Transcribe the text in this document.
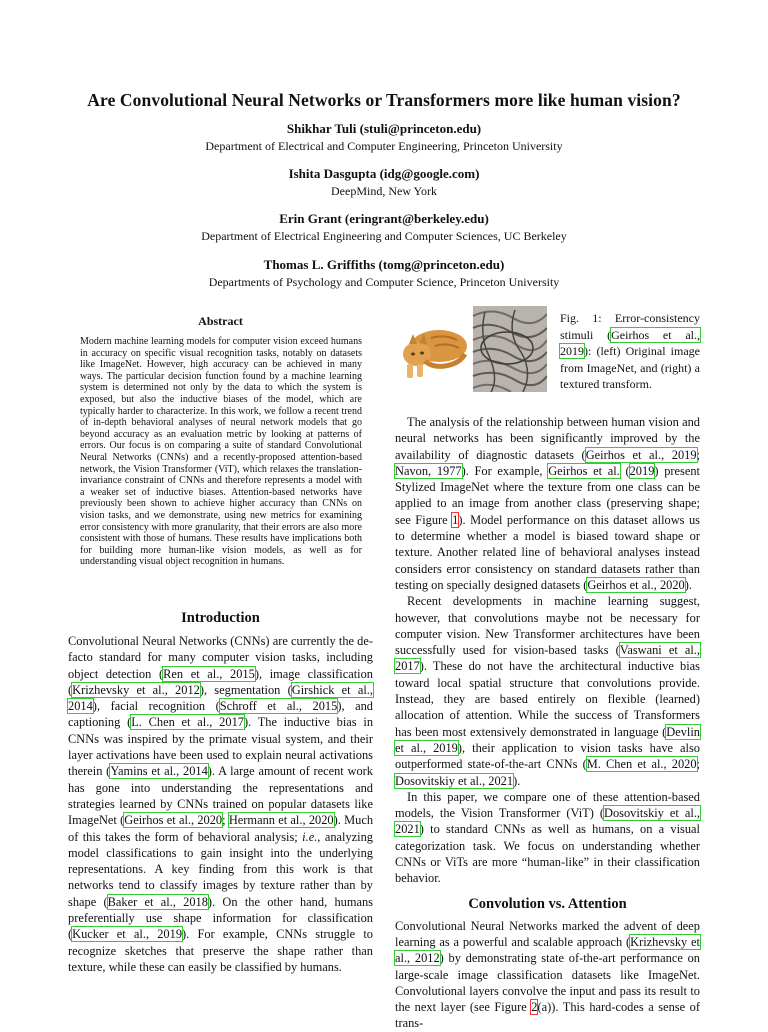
Are Convolutional Neural Networks or Transformers more like human vision?
Shikhar Tuli (stuli@princeton.edu)
Department of Electrical and Computer Engineering, Princeton University
Ishita Dasgupta (idg@google.com)
DeepMind, New York
Erin Grant (eringrant@berkeley.edu)
Department of Electrical Engineering and Computer Sciences, UC Berkeley
Thomas L. Griffiths (tomg@princeton.edu)
Departments of Psychology and Computer Science, Princeton University
Abstract

Modern machine learning models for computer vision exceed humans in accuracy on specific visual recognition tasks, notably on datasets like ImageNet. However, high accuracy can be achieved in many ways. The particular decision function found by a machine learning system is determined not only by the data to which the system is exposed, but also the inductive biases of the model, which are typically harder to characterize. In this work, we follow a recent trend of in-depth behavioral analyses of neural network models that go beyond accuracy as an evaluation metric by looking at patterns of errors. Our focus is on comparing a suite of standard Convolutional Neural Networks (CNNs) and a recently-proposed attention-based network, the Vision Transformer (ViT), which relaxes the translation-invariance constraint of CNNs and therefore represents a model with a weaker set of inductive biases. Attention-based networks have previously been shown to achieve higher accuracy than CNNs on vision tasks, and we demonstrate, using new metrics for examining error consistency with more granularity, that their errors are also more consistent with those of humans. These results have implications both for building more human-like vision models, as well as for understanding visual object recognition in humans.

Introduction

Convolutional Neural Networks (CNNs) are currently the de-facto standard for many computer vision tasks, including object detection (Ren et al., 2015), image classification (Krizhevsky et al., 2012), segmentation (Girshick et al., 2014), facial recognition (Schroff et al., 2015), and captioning (L. Chen et al., 2017). The inductive bias in CNNs was inspired by the primate visual system, and their layer activations have been used to explain neural activations therein (Yamins et al., 2014). A large amount of recent work has gone into understanding the representations and strategies learned by CNNs trained on popular datasets like ImageNet (Geirhos et al., 2020; Hermann et al., 2020). Much of this takes the form of behavioral analysis; i.e., analyzing model classifications to gain insight into the underlying representations. A key finding from this work is that networks tend to classify images by texture rather than by shape (Baker et al., 2018). On the other hand, humans preferentially use shape information for classification (Kucker et al., 2019). For example, CNNs struggle to recognize sketches that preserve the shape rather than texture, while these can easily be classified by humans.

Fig. 1: Error-consistency stimuli (Geirhos et al., 2019): (left) Original image from ImageNet, and (right) a textured transform.

The analysis of the relationship between human vision and neural networks has been significantly improved by the availability of diagnostic datasets (Geirhos et al., 2019; Navon, 1977). For example, Geirhos et al. (2019) present Stylized ImageNet where the texture from one class can be applied to an image from another class (preserving shape; see Figure 1). Model performance on this dataset allows us to determine whether a model is biased toward shape or texture. Another related line of behavioral analyses instead considers error consistency on standard datasets rather than testing on specially designed datasets (Geirhos et al., 2020).

Recent developments in machine learning suggest, however, that convolutions maybe not be necessary for computer vision. New Transformer architectures have been successfully used for vision-based tasks (Vaswani et al., 2017). These do not have the architectural inductive bias toward local spatial structure that convolutions provide. Instead, they are based entirely on flexible (learned) allocation of attention. While the success of Transformers has been most extensively demonstrated in language (Devlin et al., 2019), their application to vision tasks have also outperformed state-of-the-art CNNs (M. Chen et al., 2020; Dosovitskiy et al., 2021).

In this paper, we compare one of these attention-based models, the Vision Transformer (ViT) (Dosovitskiy et al., 2021) to standard CNNs as well as humans, on a visual categorization task. We focus on understanding whether CNNs or ViTs are more “human-like” in their classification behavior.

Convolution vs. Attention

Convolutional Neural Networks marked the advent of deep learning as a powerful and scalable approach (Krizhevsky et al., 2012) by demonstrating state of-the-art performance on large-scale image classification datasets like ImageNet. Convolutional layers convolve the input and pass its result to the next layer (see Figure 2(a)). This hard-codes a sense of trans-
